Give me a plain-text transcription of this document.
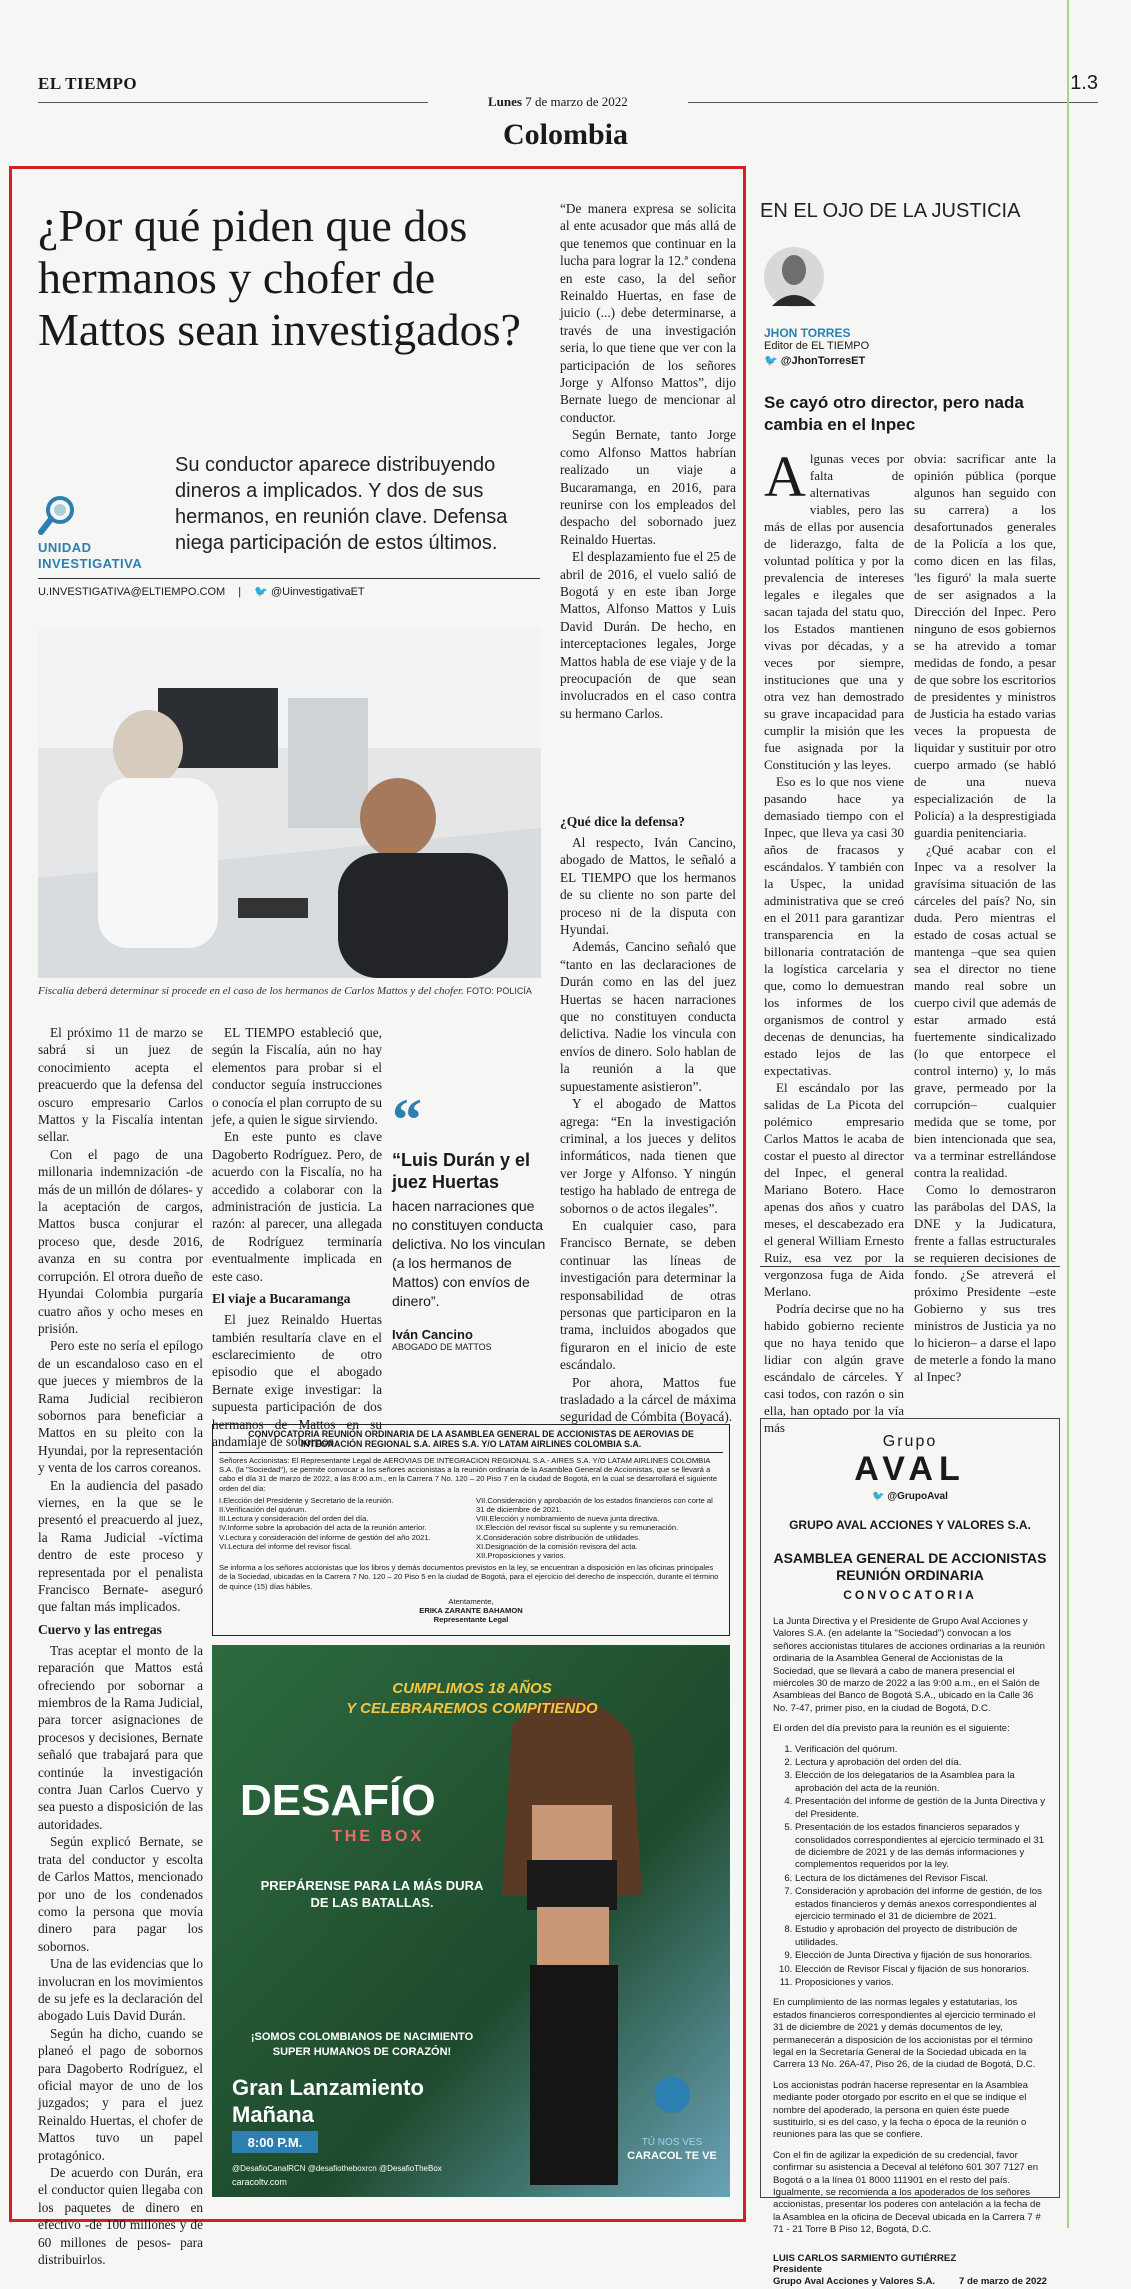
EL TIEMPO
Lunes 7 de marzo de 2022
1.3
Colombia
¿Por qué piden que dos hermanos y chofer de Mattos sean investigados?
Su conductor aparece distribuyendo dineros a implicados. Y dos de sus hermanos, en reunión clave. Defensa niega participación de estos últimos.
UNIDAD
INVESTIGATIVA
U.INVESTIGATIVA@ELTIEMPO.COM | 🐦 @UinvestigativaET
Fiscalía deberá determinar si procede en el caso de los hermanos de Carlos Mattos y del chofer. FOTO: POLICÍA

El próximo 11 de marzo se sabrá si un juez de conocimiento acepta el preacuerdo que la defensa del oscuro empresario Carlos Mattos y la Fiscalía intentan sellar.

Con el pago de una millonaria indemnización -de más de un millón de dólares- y la aceptación de cargos, Mattos busca conjurar el proceso que, desde 2016, avanza en su contra por corrupción. El otrora dueño de Hyundai Colombia purgaría cuatro años y ocho meses en prisión.

Pero este no sería el epílogo de un escandaloso caso en el que jueces y miembros de la Rama Judicial recibieron sobornos para beneficiar a Mattos en su pleito con la Hyundai, por la representación y venta de los carros coreanos.

En la audiencia del pasado viernes, en la que se le presentó el preacuerdo al juez, la Rama Judicial -víctima dentro de este proceso y representada por el penalista Francisco Bernate- aseguró que faltan más implicados.

Cuervo y las entregas

Tras aceptar el monto de la reparación que Mattos está ofreciendo por sobornar a miembros de la Rama Judicial, para torcer asignaciones de procesos y decisiones, Bernate señaló que trabajará para que continúe la investigación contra Juan Carlos Cuervo y sea puesto a disposición de las autoridades.

Según explicó Bernate, se trata del conductor y escolta de Carlos Mattos, mencionado por uno de los condenados como la persona que movía dinero para pagar los sobornos.

Una de las evidencias que lo involucran en los movimientos de su jefe es la declaración del abogado Luis David Durán.

Según ha dicho, cuando se planeó el pago de sobornos para Dagoberto Rodríguez, el oficial mayor de uno de los juzgados; y para el juez Reinaldo Huertas, el chofer de Mattos tuvo un papel protagónico.

De acuerdo con Durán, era el conductor quien llegaba con los paquetes de dinero en efectivo -de 100 millones y de 60 millones de pesos- para distribuirlos.

EL TIEMPO estableció que, según la Fiscalía, aún no hay elementos para probar si el conductor seguía instrucciones o conocía el plan corrupto de su jefe, a quien le sigue sirviendo.

En este punto es clave Dagoberto Rodríguez. Pero, de acuerdo con la Fiscalía, no ha accedido a colaborar con la administración de justicia. La razón: al parecer, una allegada de Rodríguez terminaría eventualmente implicada en este caso.

El viaje a Bucaramanga

El juez Reinaldo Huertas también resultaría clave en el esclarecimiento de otro episodio que el abogado Bernate exige investigar: la supuesta participación de dos hermanos de Mattos en su andamiaje de sobornos.

“De manera expresa se solicita al ente acusador que más allá de que tenemos que continuar en la lucha para lograr la 12.ª condena en este caso, la del señor Reinaldo Huertas, en fase de juicio (...) debe determinarse, a través de una investigación seria, lo que tiene que ver con la participación de los señores Jorge y Alfonso Mattos”, dijo Bernate luego de mencionar al conductor.

Según Bernate, tanto Jorge como Alfonso Mattos habrían realizado un viaje a Bucaramanga, en 2016, para reunirse con los empleados del despacho del sobornado juez Reinaldo Huertas.

El desplazamiento fue el 25 de abril de 2016, el vuelo salió de Bogotá y en este iban Jorge Mattos, Alfonso Mattos y Luis David Durán. De hecho, en interceptaciones legales, Jorge Mattos habla de ese viaje y de la preocupación de que sean involucrados en el caso contra su hermano Carlos.

¿Qué dice la defensa?

Al respecto, Iván Cancino, abogado de Mattos, le señaló a EL TIEMPO que los hermanos de su cliente no son parte del proceso ni de la disputa con Hyundai.

Además, Cancino señaló que “tanto en las declaraciones de Durán como en las del juez Huertas se hacen narraciones que no constituyen conducta delictiva. Nadie los vincula con envíos de dinero. Solo hablan de la reunión a la que supuestamente asistieron”.

Y el abogado de Mattos agrega: “En la investigación criminal, a los jueces y delitos informáticos, nada tienen que ver Jorge y Alfonso. Y ningún testigo ha hablado de entrega de sobornos o de actos ilegales”.

En cualquier caso, para Francisco Bernate, se deben continuar las líneas de investigación para determinar la responsabilidad de otras personas que participaron en la trama, incluidos abogados que figuraron en el inicio de este escándalo.

Por ahora, Mattos fue trasladado a la cárcel de máxima seguridad de Cómbita (Boyacá).

“
“Luis Durán y el juez Huertas
hacen narraciones que no constituyen conducta delictiva. No los vinculan (a los hermanos de Mattos) con envíos de dinero”.
Iván Cancino
ABOGADO DE MATTOS
CONVOCATORIA REUNIÓN ORDINARIA DE LA ASAMBLEA GENERAL DE ACCIONISTAS DE AEROVIAS DE INTEGRACIÓN REGIONAL S.A. AIRES S.A. Y/O LATAM AIRLINES COLOMBIA S.A.
Señores Accionistas: El Representante Legal de AEROVIAS DE INTEGRACION REGIONAL S.A.- AIRES S.A. Y/O LATAM AIRLINES COLOMBIA S.A. (la "Sociedad"), se permite convocar a los señores accionistas a la reunión ordinaria de la Asamblea General de Accionistas, que se llevará a cabo el día 31 de marzo de 2022, a las 8:00 a.m., en la Carrera 7 No. 120 – 20 Piso 7 en la ciudad de Bogotá, en la cual se desarrollará el siguiente orden del día:
I.Elección del Presidente y Secretario de la reunión.
II.Verificación del quórum.
III.Lectura y consideración del orden del día.
IV.Informe sobre la aprobación del acta de la reunión anterior.
V.Lectura y consideración del informe de gestión del año 2021.
VI.Lectura del informe del revisor fiscal.
VII.Consideración y aprobación de los estados financieros con corte al 31 de diciembre de 2021.
VIII.Elección y nombramiento de nueva junta directiva.
IX.Elección del revisor fiscal su suplente y su remuneración.
X.Consideración sobre distribución de utilidades.
XI.Designación de la comisión revisora del acta.
XII.Proposiciones y varios.
Se informa a los señores accionistas que los libros y demás documentos previstos en la ley, se encuentran a disposición en las oficinas principales de la Sociedad, ubicadas en la Carrera 7 No. 120 – 20 Piso 5 en la ciudad de Bogotá, para el ejercicio del derecho de inspección, durante el término de quince (15) días hábiles.
Atentamente,
ERIKA ZARANTE BAHAMON
Representante Legal
CUMPLIMOS 18 AÑOS
Y CELEBRAREMOS COMPITIENDO
DESAFÍO
THE BOX
PREPÁRENSE PARA LA MÁS DURA
DE LAS BATALLAS.
¡SOMOS COLOMBIANOS DE NACIMIENTO
SUPER HUMANOS DE CORAZÓN!
Gran Lanzamiento
Mañana
8:00 P.M.
@DesafioCanalRCN @desafiotheboxrcn @DesafioTheBox
caracoltv.com
TÚ NOS VES
CARACOL TE VE
EN EL OJO DE LA JUSTICIA
JHON TORRES
Editor de EL TIEMPO
🐦 @JhonTorresET
Se cayó otro director, pero nada cambia en el Inpec
Algunas veces por falta de alternativas viables, pero las más de ellas por ausencia de liderazgo, falta de voluntad política y por la prevalencia de intereses legales e ilegales que sacan tajada del statu quo, los Estados mantienen vivas por décadas, y a veces por siempre, instituciones que una y otra vez han demostrado su grave incapacidad para cumplir la misión que les fue asignada por la Constitución y las leyes.

Eso es lo que nos viene pasando hace ya demasiado tiempo con el Inpec, que lleva ya casi 30 años de fracasos y escándalos. Y también con la Uspec, la unidad administrativa que se creó en el 2011 para garantizar transparencia en la billonaria contratación de la logística carcelaria y que, como lo demuestran los informes de los organismos de control y decenas de denuncias, ha estado lejos de las expectativas.

El escándalo por las salidas de La Picota del polémico empresario Carlos Mattos le acaba de costar el puesto al director del Inpec, el general Mariano Botero. Hace apenas dos años y cuatro meses, el descabezado era el general William Ernesto Ruiz, esa vez por la vergonzosa fuga de Aida Merlano.

Podría decirse que no ha habido gobierno reciente que no haya tenido que lidiar con algún grave escándalo de cárceles. Y casi todos, con razón o sin ella, han optado por la vía más

obvia: sacrificar ante la opinión pública (porque algunos han seguido con su carrera) a los desafortunados generales de la Policía a los que, como dicen en las filas, 'les figuró' la mala suerte de ser asignados a la Dirección del Inpec. Pero ninguno de esos gobiernos se ha atrevido a tomar medidas de fondo, a pesar de que sobre los escritorios de presidentes y ministros de Justicia ha estado varias veces la propuesta de liquidar y sustituir por otro cuerpo armado (se habló de una nueva especialización de la Policía) a la desprestigiada guardia penitenciaria.

¿Qué acabar con el Inpec va a resolver la gravísima situación de las cárceles del país? No, sin duda. Pero mientras el estado de cosas actual se mantenga –que sea quien sea el director no tiene mando real sobre un cuerpo civil que además de estar armado está fuertemente sindicalizado (lo que entorpece el control interno) y, lo más grave, permeado por la corrupción– cualquier medida que se tome, por bien intencionada que sea, va a terminar estrellándose contra la realidad.

Como lo demostraron las parábolas del DAS, la DNE y la Judicatura, frente a fallas estructurales se requieren decisiones de fondo. ¿Se atreverá el próximo Presidente –este Gobierno y sus tres ministros de Justicia ya no lo hicieron– a darse el lapo de meterle a fondo la mano al Inpec?

Grupo
AVAL
🐦 @GrupoAval
GRUPO AVAL ACCIONES Y VALORES S.A.
ASAMBLEA GENERAL DE ACCIONISTAS REUNIÓN ORDINARIA
CONVOCATORIA

La Junta Directiva y el Presidente de Grupo Aval Acciones y Valores S.A. (en adelante la "Sociedad") convocan a los señores accionistas titulares de acciones ordinarias a la reunión ordinaria de la Asamblea General de Accionistas de la Sociedad, que se llevará a cabo de manera presencial el miércoles 30 de marzo de 2022 a las 9:00 a.m., en el Salón de Asambleas del Banco de Bogotá S.A., ubicado en la Calle 36 No. 7-47, primer piso, en la ciudad de Bogotá, D.C.

El orden del día previsto para la reunión es el siguiente:

1. Verificación del quórum.
2. Lectura y aprobación del orden del día.
3. Elección de los delegatarios de la Asamblea para la aprobación del acta de la reunión.
4. Presentación del informe de gestión de la Junta Directiva y del Presidente.
5. Presentación de los estados financieros separados y consolidados correspondientes al ejercicio terminado el 31 de diciembre de 2021 y de las demás informaciones y complementos requeridos por la ley.
6. Lectura de los dictámenes del Revisor Fiscal.
7. Consideración y aprobación del informe de gestión, de los estados financieros y demás anexos correspondientes al ejercicio terminado el 31 de diciembre de 2021.
8. Estudio y aprobación del proyecto de distribución de utilidades.
9. Elección de Junta Directiva y fijación de sus honorarios.
10. Elección de Revisor Fiscal y fijación de sus honorarios.
11. Proposiciones y varios.

En cumplimiento de las normas legales y estatutarias, los estados financieros correspondientes al ejercicio terminado el 31 de diciembre de 2021 y demás documentos de ley, permanecerán a disposición de los accionistas por el término legal en la Secretaría General de la Sociedad ubicada en la Carrera 13 No. 26A-47, Piso 26, de la ciudad de Bogotá, D.C.

Los accionistas podrán hacerse representar en la Asamblea mediante poder otorgado por escrito en el que se indique el nombre del apoderado, la persona en quien éste puede sustituirlo, si es del caso, y la fecha o época de la reunión o reuniones para las que se confiere.

Con el fin de agilizar la expedición de su credencial, favor confirmar su asistencia a Deceval al teléfono 601 307 7127 en Bogotá o a la línea 01 8000 111901 en el resto del país. Igualmente, se recomienda a los apoderados de los señores accionistas, presentar los poderes con antelación a la fecha de la Asamblea en la oficina de Deceval ubicada en la Carrera 7 # 71 - 21 Torre B Piso 12, Bogotá, D.C.

LUIS CARLOS SARMIENTO GUTIÉRREZ
Presidente
Grupo Aval Acciones y Valores S.A. 7 de marzo de 2022
